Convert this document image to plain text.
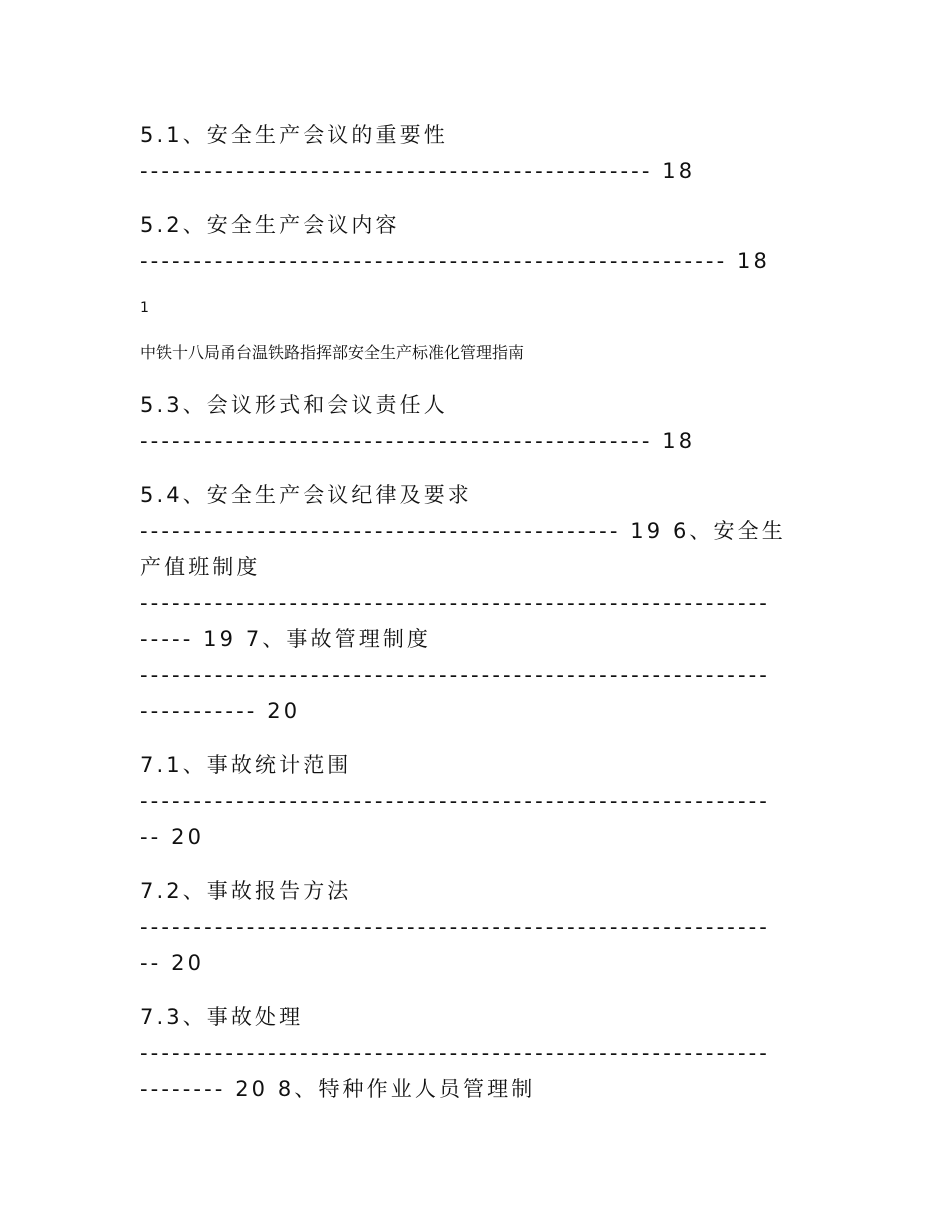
5.1、安全生产会议的重要性

------------------------------------------------ 18

5.2、安全生产会议内容

------------------------------------------------------- 18

1

中铁十八局甬台温铁路指挥部安全生产标准化管理指南

5.3、会议形式和会议责任人

------------------------------------------------ 18

5.4、安全生产会议纪律及要求

--------------------------------------------- 19 6、安全生

产值班制度

-----------------------------------------------------------

----- 19 7、事故管理制度

-----------------------------------------------------------

----------- 20

7.1、事故统计范围

-----------------------------------------------------------

-- 20

7.2、事故报告方法

-----------------------------------------------------------

-- 20

7.3、事故处理

-----------------------------------------------------------

-------- 20 8、特种作业人员管理制
